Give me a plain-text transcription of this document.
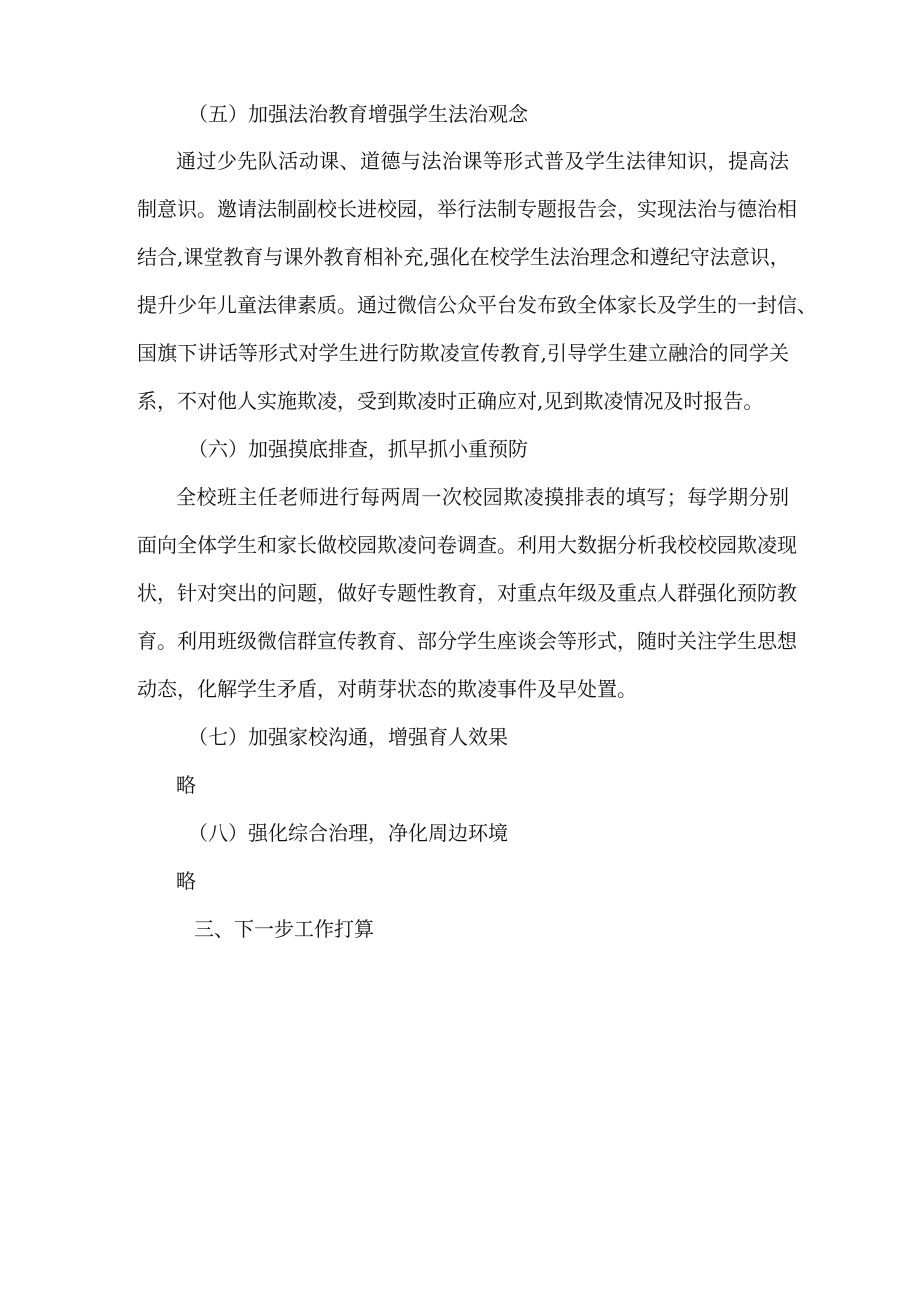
（五）加强法治教育增强学生法治观念
通过少先队活动课、道德与法治课等形式普及学生法律知识，提高法
制意识。邀请法制副校长进校园，举行法制专题报告会，实现法治与德治相
结合,课堂教育与课外教育相补充,强化在校学生法治理念和遵纪守法意识，
提升少年儿童法律素质。通过微信公众平台发布致全体家长及学生的一封信、
国旗下讲话等形式对学生进行防欺凌宣传教育,引导学生建立融洽的同学关
系，不对他人实施欺凌，受到欺凌时正确应对,见到欺凌情况及时报告。
（六）加强摸底排查，抓早抓小重预防
全校班主任老师进行每两周一次校园欺凌摸排表的填写；每学期分别
面向全体学生和家长做校园欺凌问卷调查。利用大数据分析我校校园欺凌现
状，针对突出的问题，做好专题性教育，对重点年级及重点人群强化预防教
育。利用班级微信群宣传教育、部分学生座谈会等形式，随时关注学生思想
动态，化解学生矛盾，对萌芽状态的欺凌事件及早处置。
（七）加强家校沟通，增强育人效果
略
（八）强化综合治理，净化周边环境
略
三、下一步工作打算
